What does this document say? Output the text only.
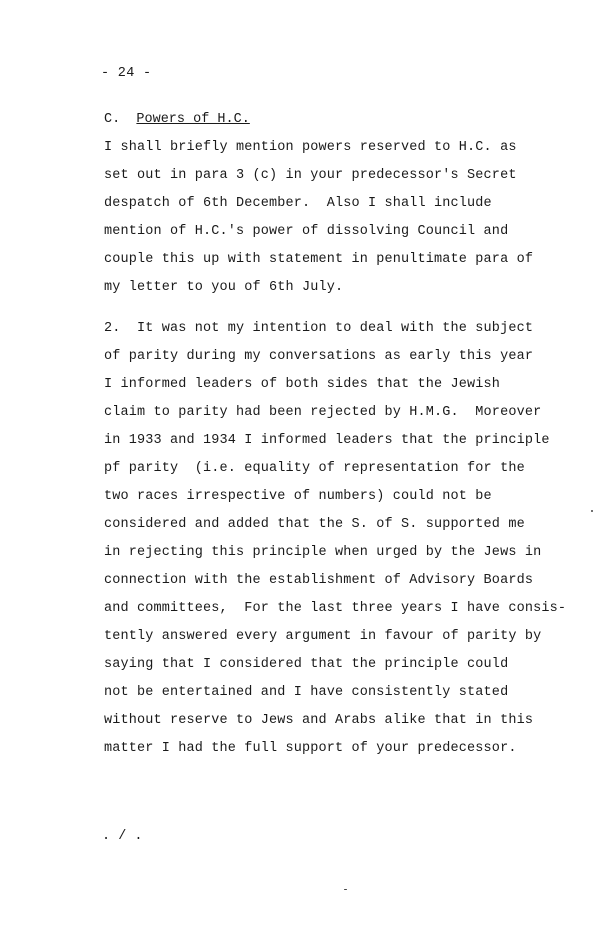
- 24 -
C. Powers of H.C.
I shall briefly mention powers reserved to H.C. as
set out in para 3 (c) in your predecessor's Secret
despatch of 6th December.  Also I shall include
mention of H.C.'s power of dissolving Council and
couple this up with statement in penultimate para of
my letter to you of 6th July.
2.  It was not my intention to deal with the subject
of parity during my conversations as early this year
I informed leaders of both sides that the Jewish
claim to parity had been rejected by H.M.G.  Moreover
in 1933 and 1934 I informed leaders that the principle
pf parity  (i.e. equality of representation for the
two races irrespective of numbers) could not be
considered and added that the S. of S. supported me
in rejecting this principle when urged by the Jews in
connection with the establishment of Advisory Boards
and committees,  For the last three years I have consis-
tently answered every argument in favour of parity by
saying that I considered that the principle could
not be entertained and I have consistently stated
without reserve to Jews and Arabs alike that in this
matter I had the full support of your predecessor.
. / .
